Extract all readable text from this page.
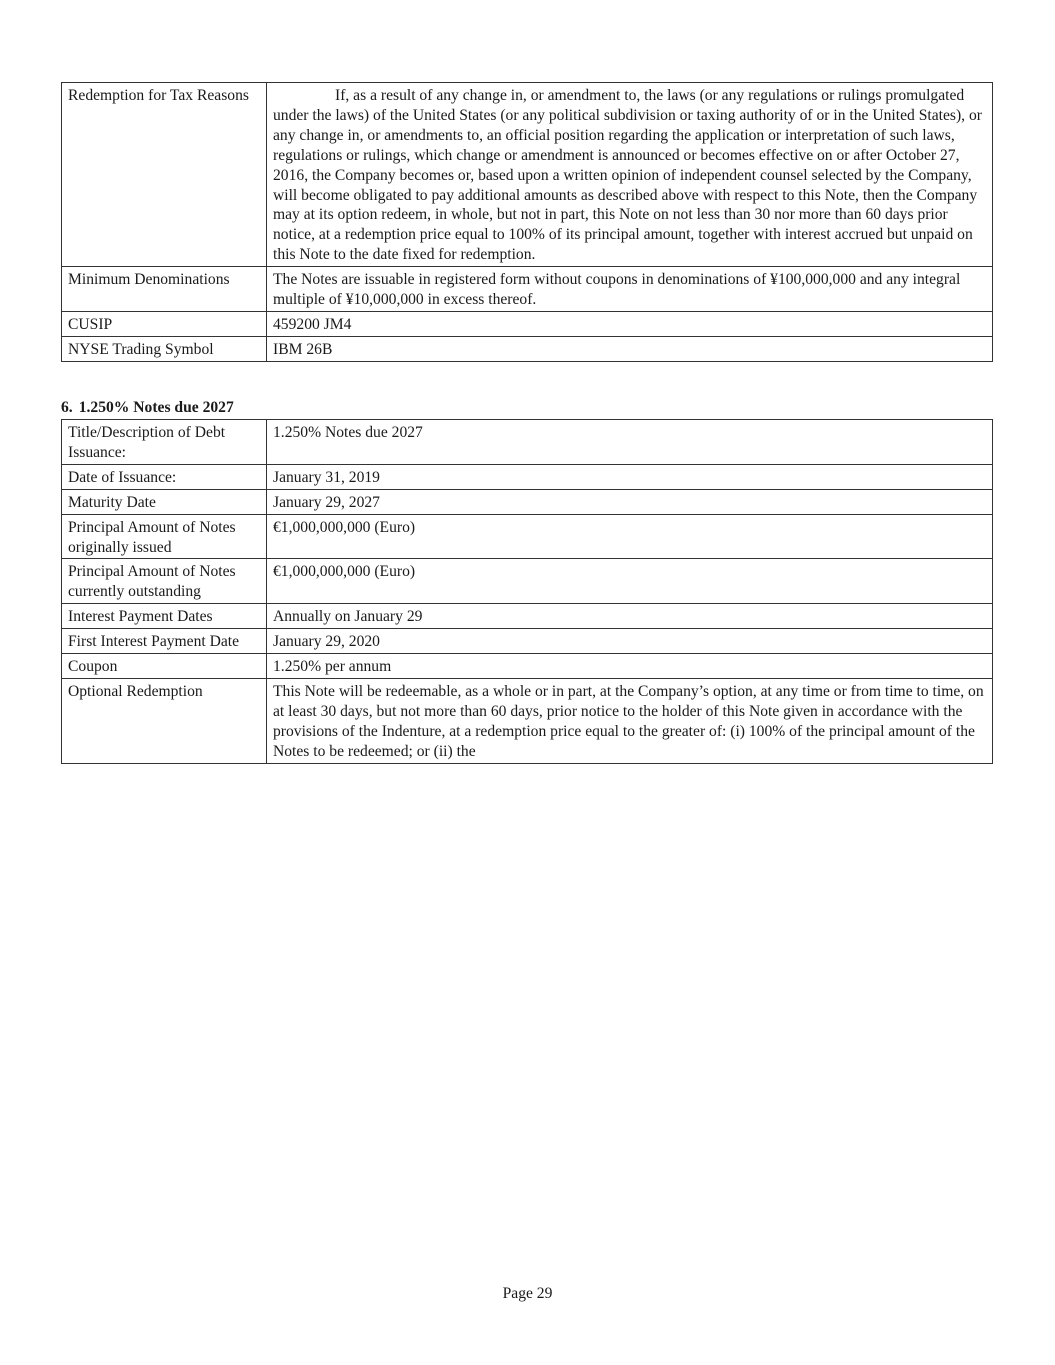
Redemption for Tax Reasons	If, as a result of any change in, or amendment to, the laws (or any regulations or rulings promulgated under the laws) of the United States (or any political subdivision or taxing authority of or in the United States), or any change in, or amendments to, an official position regarding the application or interpretation of such laws, regulations or rulings, which change or amendment is announced or becomes effective on or after October 27, 2016, the Company becomes or, based upon a written opinion of independent counsel selected by the Company, will become obligated to pay additional amounts as described above with respect to this Note, then the Company may at its option redeem, in whole, but not in part, this Note on not less than 30 nor more than 60 days prior notice, at a redemption price equal to 100% of its principal amount, together with interest accrued but unpaid on this Note to the date fixed for redemption.

Minimum Denominations	The Notes are issuable in registered form without coupons in denominations of ¥100,000,000 and any integral multiple of ¥10,000,000 in excess thereof.
CUSIP	459200 JM4
NYSE Trading Symbol	IBM 26B

6. 1.250% Notes due 2027

Title/Description of Debt Issuance:	1.250% Notes due 2027
Date of Issuance:	January 31, 2019
Maturity Date	January 29, 2027
Principal Amount of Notes originally issued	€1,000,000,000 (Euro)
Principal Amount of Notes currently outstanding	€1,000,000,000 (Euro)
Interest Payment Dates	Annually on January 29
First Interest Payment Date	January 29, 2020
Coupon	1.250% per annum
Optional Redemption	This Note will be redeemable, as a whole or in part, at the Company’s option, at any time or from time to time, on at least 30 days, but not more than 60 days, prior notice to the holder of this Note given in accordance with the provisions of the Indenture, at a redemption price equal to the greater of: (i) 100% of the principal amount of the Notes to be redeemed; or (ii) the
Page 29
